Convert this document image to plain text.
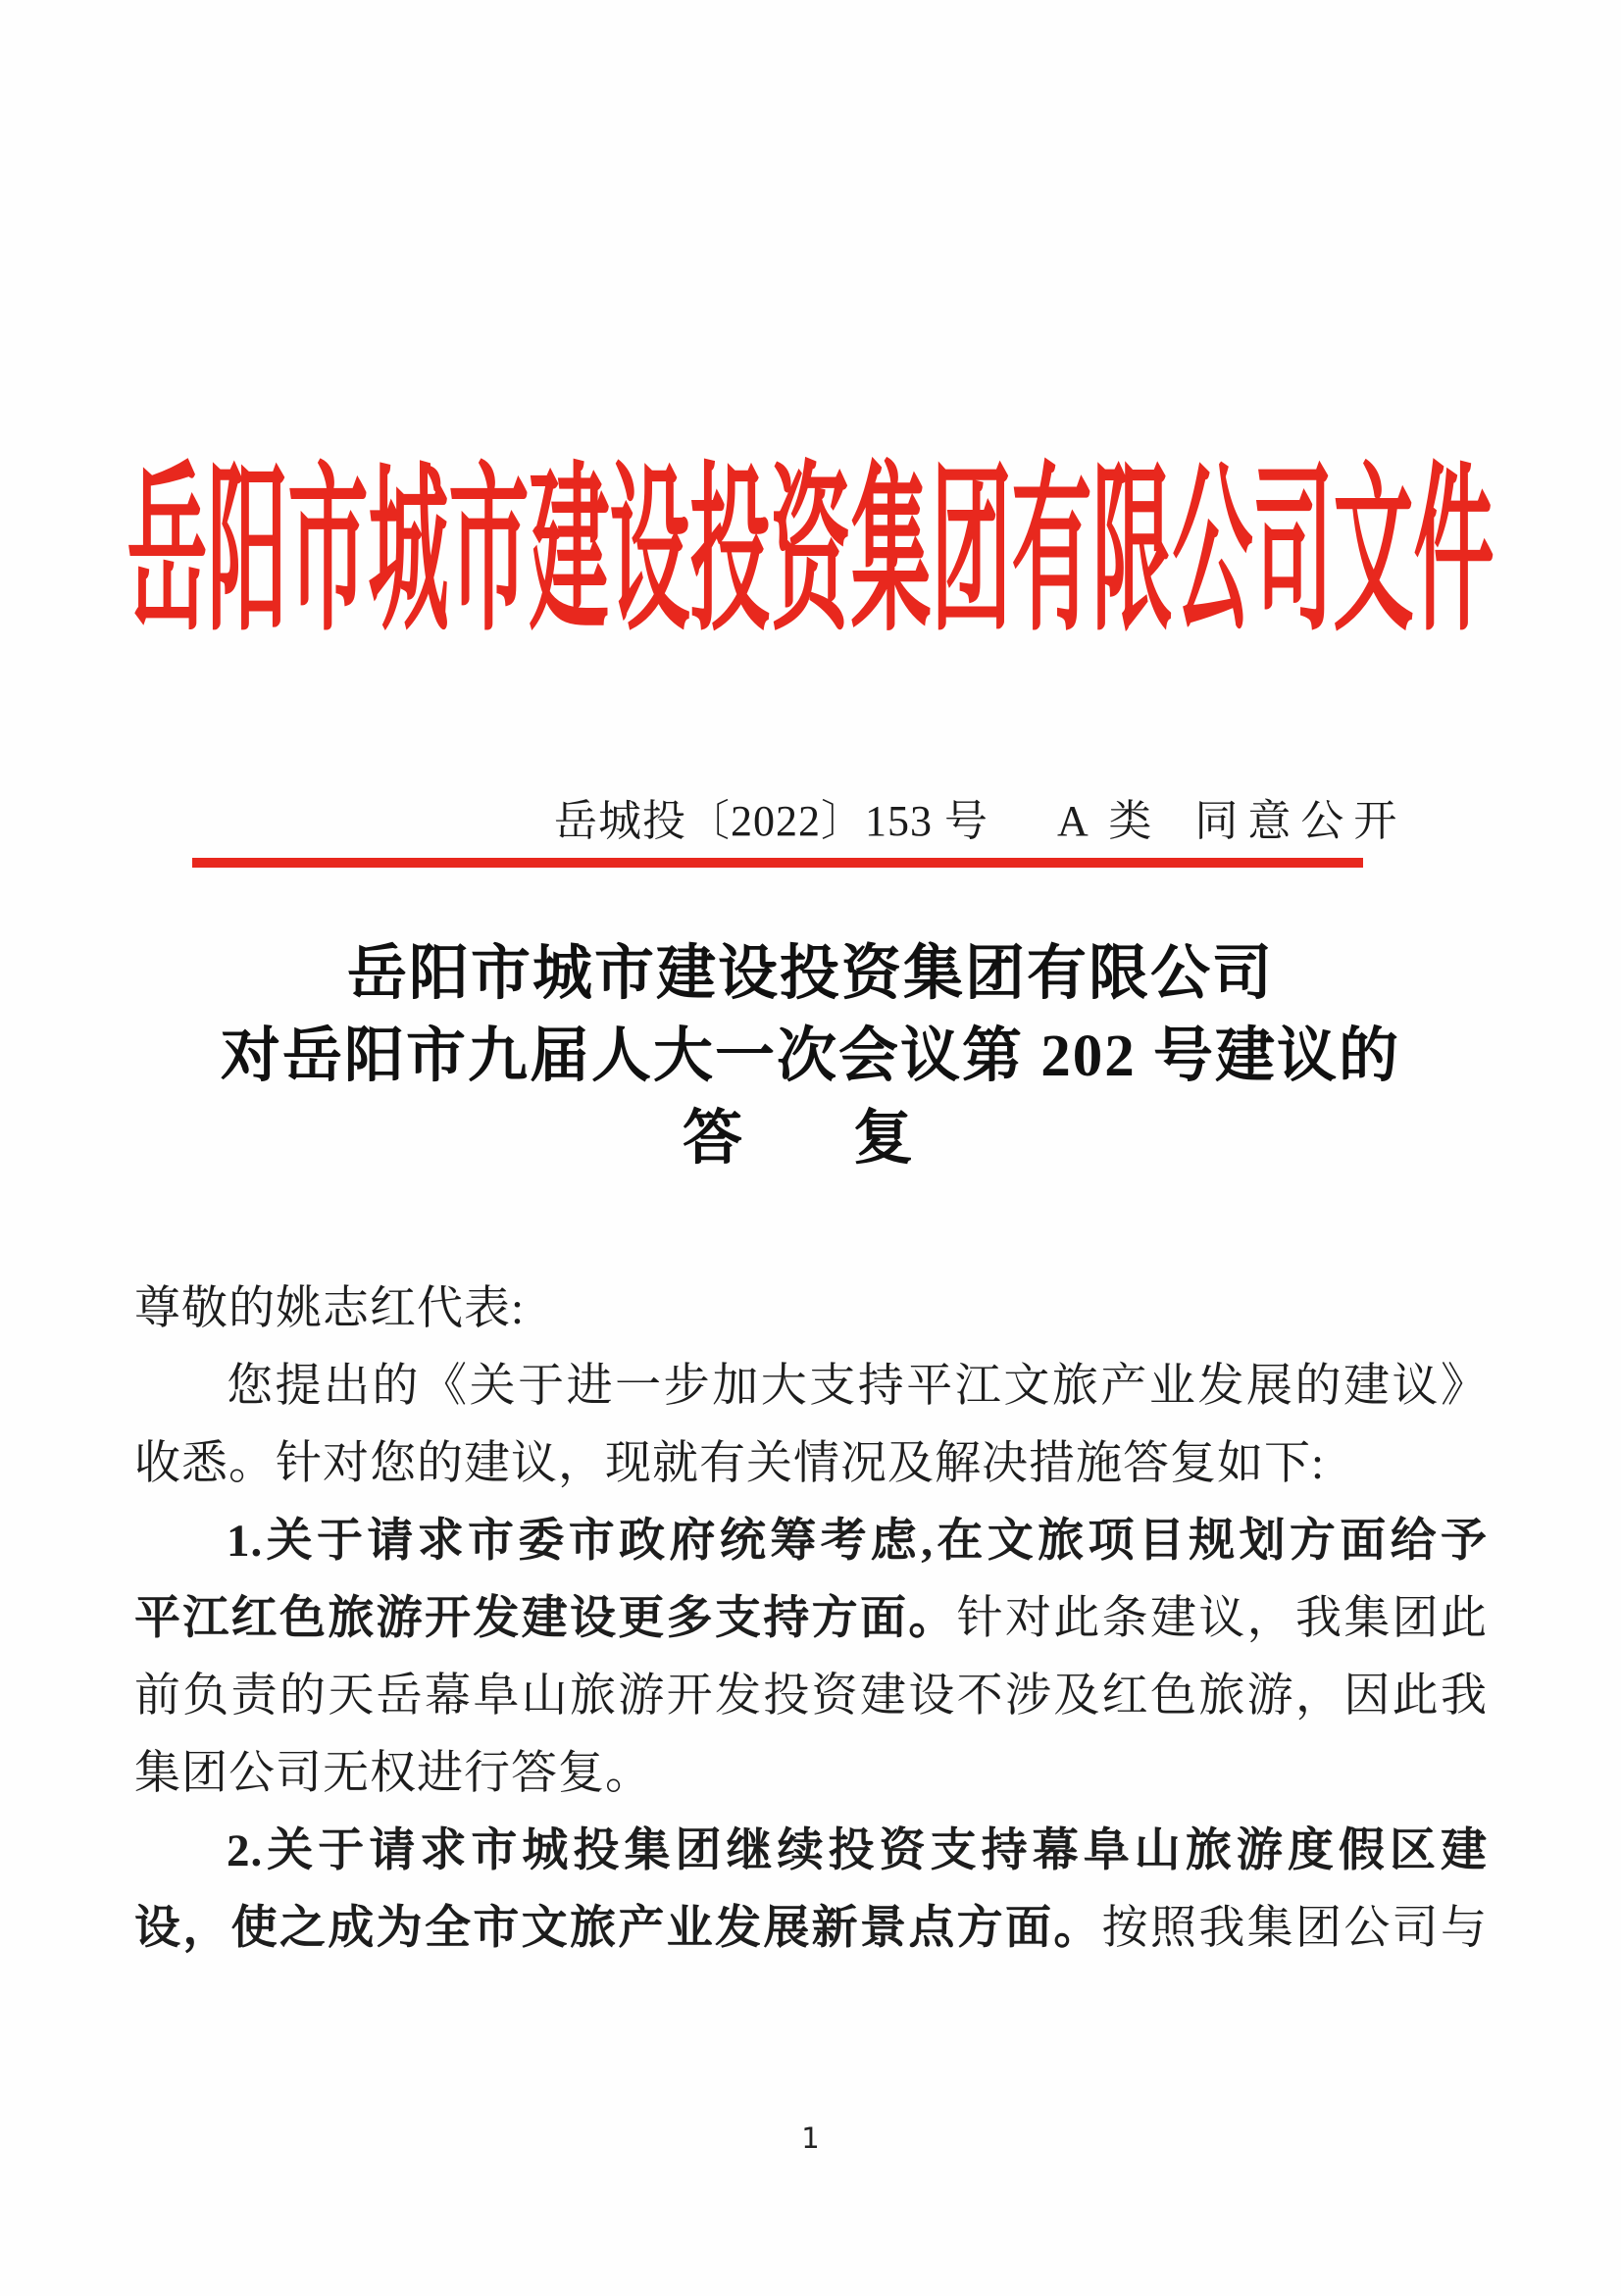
岳阳市城市建设投资集团有限公司文件
岳城投〔2022〕153 号 A 类 同意公开
岳阳市城市建设投资集团有限公司
对岳阳市九届人大一次会议第 202 号建议的
答　复
尊敬的姚志红代表:
您提出的《关于进一步加大支持平江文旅产业发展的建议》
收悉。针对您的建议，现就有关情况及解决措施答复如下:
1.关于请求市委市政府统筹考虑,在文旅项目规划方面给予
平江红色旅游开发建设更多支持方面。针对此条建议，我集团此
前负责的天岳幕阜山旅游开发投资建设不涉及红色旅游，因此我
集团公司无权进行答复。
2.关于请求市城投集团继续投资支持幕阜山旅游度假区建
设，使之成为全市文旅产业发展新景点方面。按照我集团公司与
1
